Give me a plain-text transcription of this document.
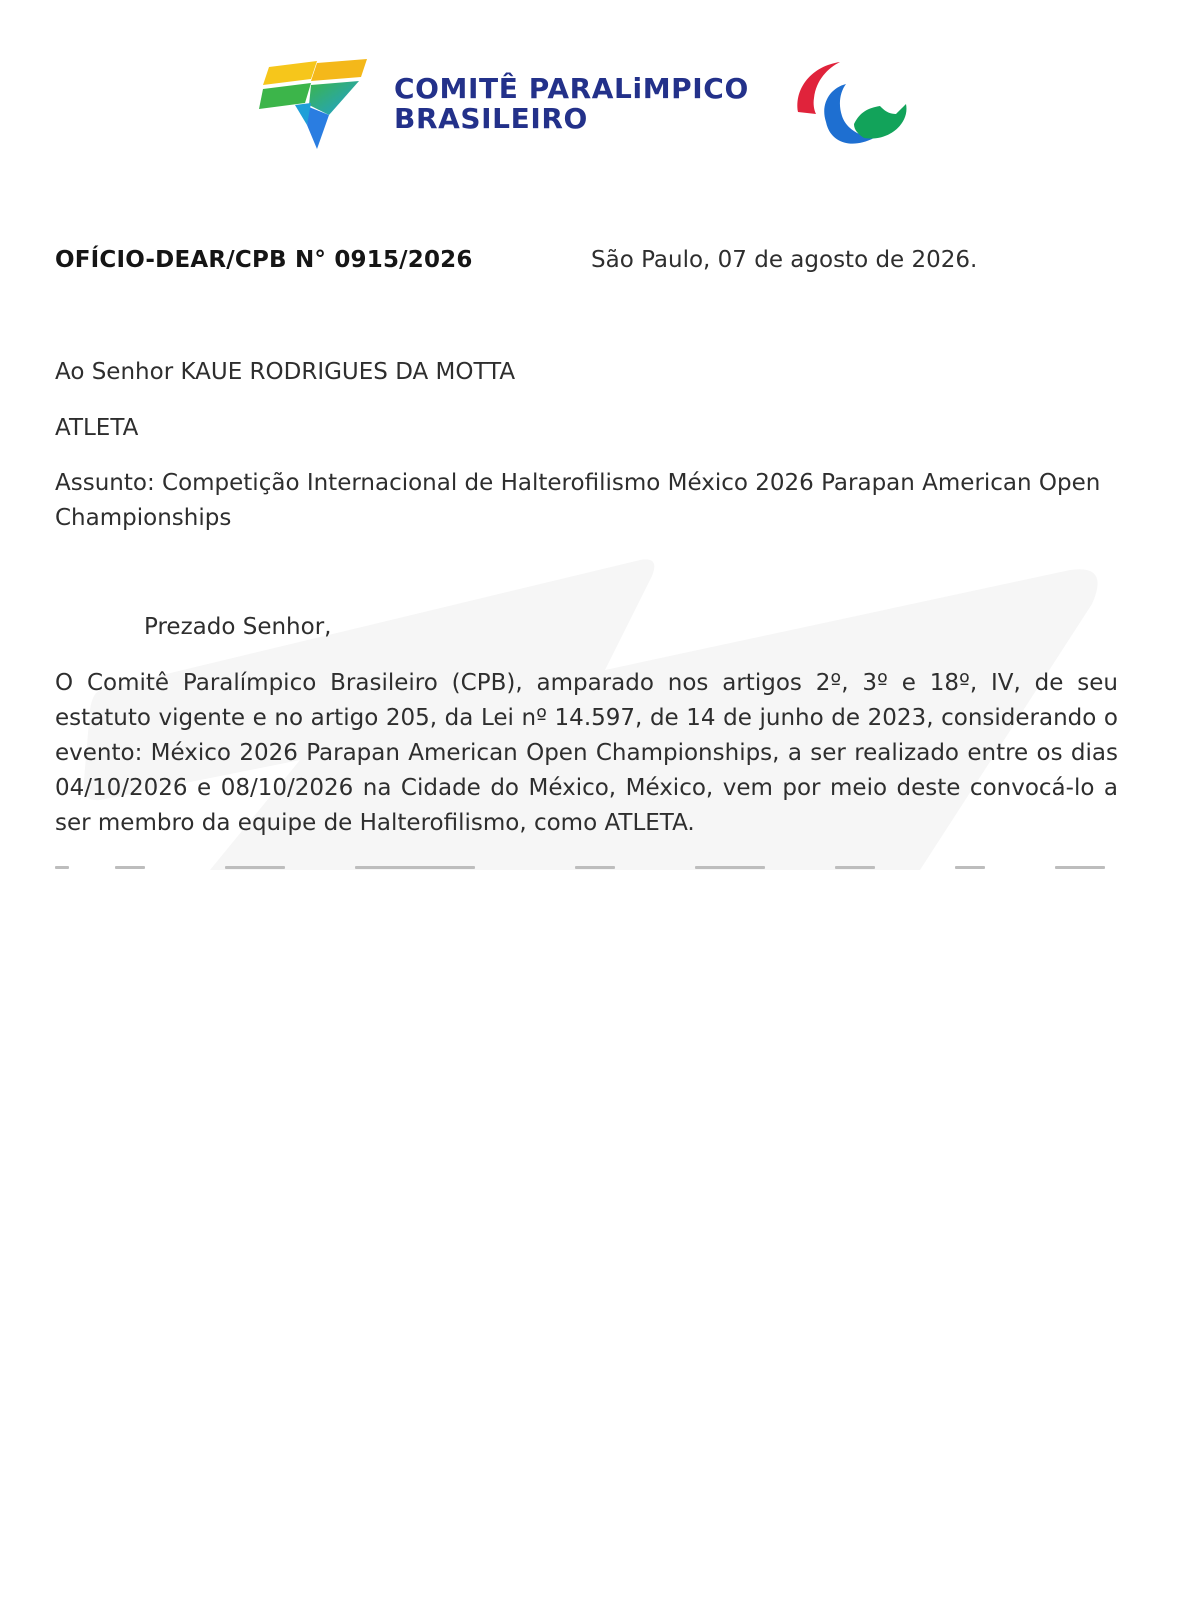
COMITÊ PARALiMPICO
BRASILEIRO
OFÍCIO-DEAR/CPB N° 0915/2026	São Paulo, 07 de agosto de 2026.
Ao Senhor KAUE RODRIGUES DA MOTTA
ATLETA
Assunto: Competição Internacional de Halterofilismo México 2026 Parapan American Open Championships
Prezado Senhor,
O Comitê Paralímpico Brasileiro (CPB), amparado nos artigos 2º, 3º e 18º, IV, de seu estatuto vigente e no artigo 205, da Lei nº 14.597, de 14 de junho de 2023, considerando o evento: México 2026 Parapan American Open Championships, a ser realizado entre os dias 04/10/2026 e 08/10/2026 na Cidade do México, México, vem por meio deste convocá-lo a ser membro da equipe de Halterofilismo, como ATLETA.
